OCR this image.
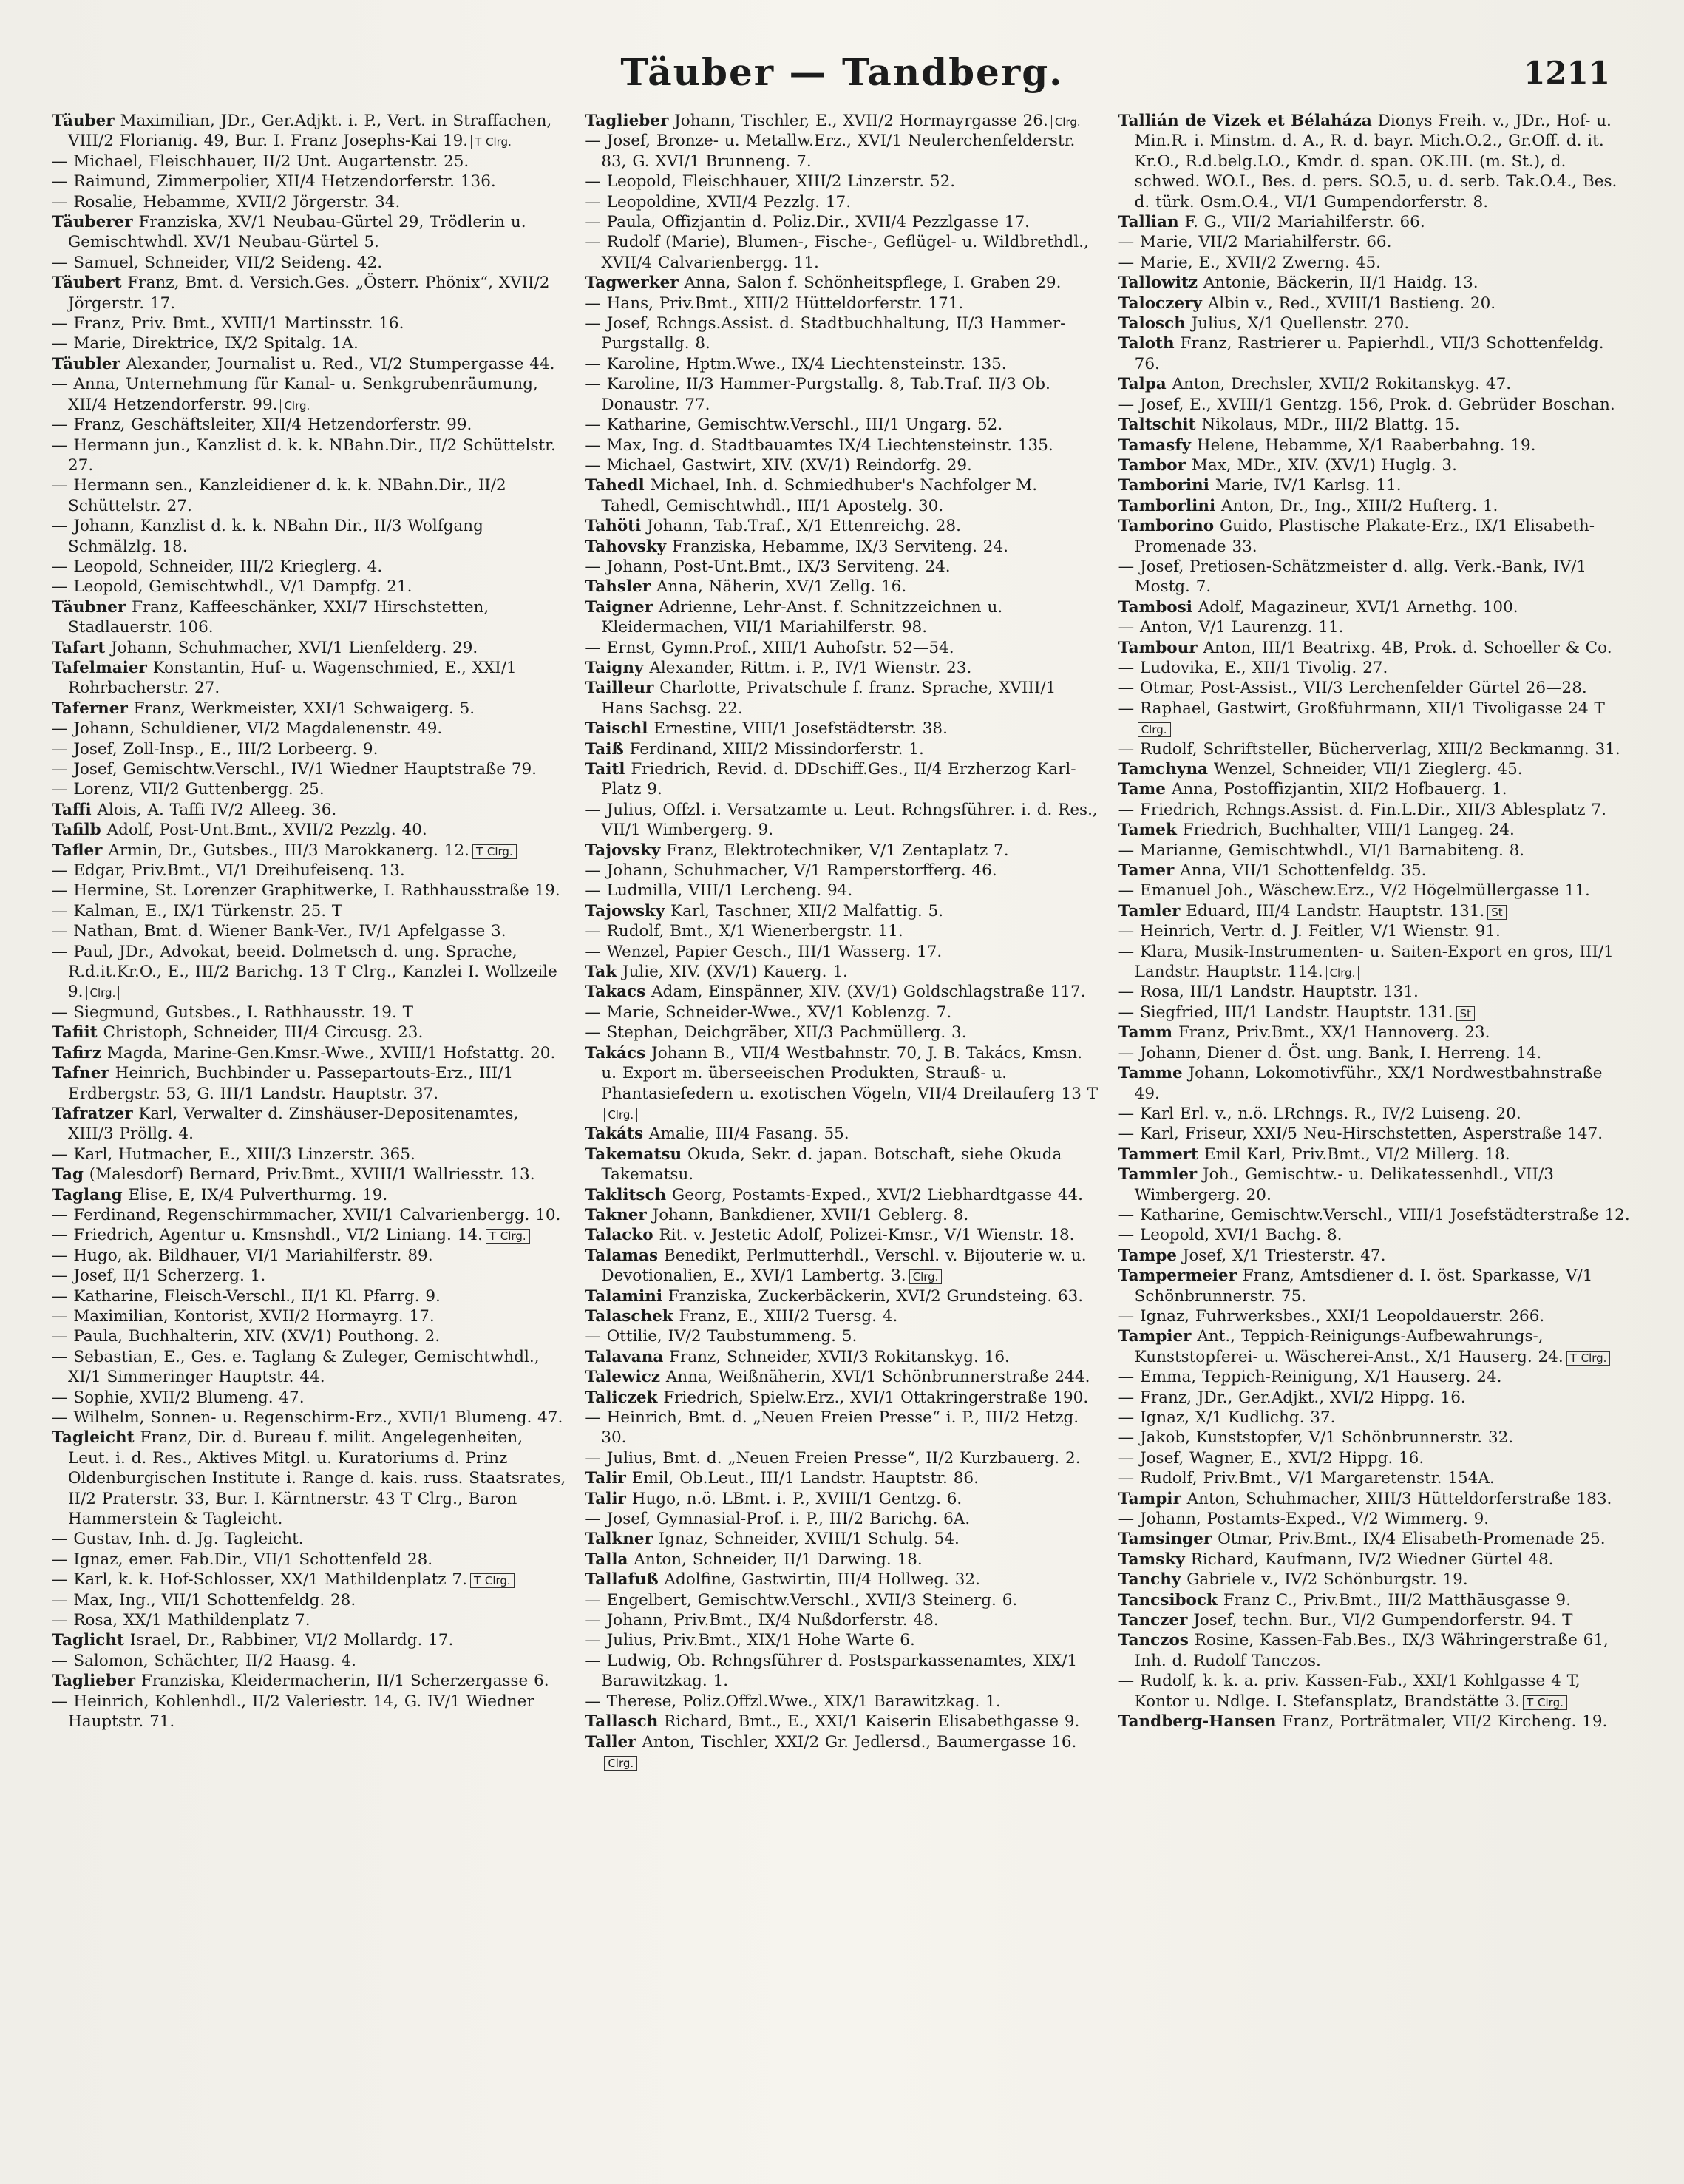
Täuber — Tandberg.	1211

Täuber Maximilian, JDr., Ger.Adjkt. i. P., Vert. in Straffachen, VIII/2 Florianig. 49, Bur. I. Franz Josephs-Kai 19. T Clrg.

— Michael, Fleischhauer, II/2 Unt. Augartenstr. 25.

— Raimund, Zimmerpolier, XII/4 Hetzendorferstr. 136.

— Rosalie, Hebamme, XVII/2 Jörgerstr. 34.

Täuberer Franziska, XV/1 Neubau-Gürtel 29, Trödlerin u. Gemischtwhdl. XV/1 Neubau-Gürtel 5.

— Samuel, Schneider, VII/2 Seideng. 42.

Täubert Franz, Bmt. d. Versich.Ges. „Österr. Phönix“, XVII/2 Jörgerstr. 17.

— Franz, Priv. Bmt., XVIII/1 Martinsstr. 16.

— Marie, Direktrice, IX/2 Spitalg. 1A.

Täubler Alexander, Journalist u. Red., VI/2 Stumpergasse 44.

— Anna, Unternehmung für Kanal- u. Senkgrubenräumung, XII/4 Hetzendorferstr. 99. Clrg.

— Franz, Geschäftsleiter, XII/4 Hetzendorferstr. 99.

— Hermann jun., Kanzlist d. k. k. NBahn.Dir., II/2 Schüttelstr. 27.

— Hermann sen., Kanzleidiener d. k. k. NBahn.Dir., II/2 Schüttelstr. 27.

— Johann, Kanzlist d. k. k. NBahn Dir., II/3 Wolfgang Schmälzlg. 18.

— Leopold, Schneider, III/2 Krieglerg. 4.

— Leopold, Gemischtwhdl., V/1 Dampfg. 21.

Täubner Franz, Kaffeeschänker, XXI/7 Hirschstetten, Stadlauerstr. 106.

Tafart Johann, Schuhmacher, XVI/1 Lienfelderg. 29.

Tafelmaier Konstantin, Huf- u. Wagenschmied, E., XXI/1 Rohrbacherstr. 27.

Taferner Franz, Werkmeister, XXI/1 Schwaigerg. 5.

— Johann, Schuldiener, VI/2 Magdalenenstr. 49.

— Josef, Zoll-Insp., E., III/2 Lorbeerg. 9.

— Josef, Gemischtw.Verschl., IV/1 Wiedner Hauptstraße 79.

— Lorenz, VII/2 Guttenbergg. 25.

Taffi Alois, A. Taffi IV/2 Alleeg. 36.

Tafilb Adolf, Post-Unt.Bmt., XVII/2 Pezzlg. 40.

Tafler Armin, Dr., Gutsbes., III/3 Marokkanerg. 12. T Clrg.

— Edgar, Priv.Bmt., VI/1 Dreihufeisenq. 13.

— Hermine, St. Lorenzer Graphitwerke, I. Rathhausstraße 19.

— Kalman, E., IX/1 Türkenstr. 25. T

— Nathan, Bmt. d. Wiener Bank-Ver., IV/1 Apfelgasse 3.

— Paul, JDr., Advokat, beeid. Dolmetsch d. ung. Sprache, R.d.it.Kr.O., E., III/2 Barichg. 13 T Clrg., Kanzlei I. Wollzeile 9. Clrg.

— Siegmund, Gutsbes., I. Rathhausstr. 19. T

Tafiit Christoph, Schneider, III/4 Circusg. 23.

Tafirz Magda, Marine-Gen.Kmsr.-Wwe., XVIII/1 Hofstattg. 20.

Tafner Heinrich, Buchbinder u. Passepartouts-Erz., III/1 Erdbergstr. 53, G. III/1 Landstr. Hauptstr. 37.

Tafratzer Karl, Verwalter d. Zinshäuser-Depositenamtes, XIII/3 Pröllg. 4.

— Karl, Hutmacher, E., XIII/3 Linzerstr. 365.

Tag (Malesdorf) Bernard, Priv.Bmt., XVIII/1 Wallriesstr. 13.

Taglang Elise, E, IX/4 Pulverthurmg. 19.

— Ferdinand, Regenschirmmacher, XVII/1 Calvarienbergg. 10.

— Friedrich, Agentur u. Kmsnshdl., VI/2 Liniang. 14. T Clrg.

— Hugo, ak. Bildhauer, VI/1 Mariahilferstr. 89.

— Josef, II/1 Scherzerg. 1.

— Katharine, Fleisch-Verschl., II/1 Kl. Pfarrg. 9.

— Maximilian, Kontorist, XVII/2 Hormayrg. 17.

— Paula, Buchhalterin, XIV. (XV/1) Pouthong. 2.

— Sebastian, E., Ges. e. Taglang & Zuleger, Gemischtwhdl., XI/1 Simmeringer Hauptstr. 44.

— Sophie, XVII/2 Blumeng. 47.

— Wilhelm, Sonnen- u. Regenschirm-Erz., XVII/1 Blumeng. 47.

Tagleicht Franz, Dir. d. Bureau f. milit. Angelegenheiten, Leut. i. d. Res., Aktives Mitgl. u. Kuratoriums d. Prinz Oldenburgischen Institute i. Range d. kais. russ. Staatsrates, II/2 Praterstr. 33, Bur. I. Kärntnerstr. 43 T Clrg., Baron Hammerstein & Tagleicht.

— Gustav, Inh. d. Jg. Tagleicht.

— Ignaz, emer. Fab.Dir., VII/1 Schottenfeld 28.

— Karl, k. k. Hof-Schlosser, XX/1 Mathildenplatz 7. T Clrg.

— Max, Ing., VII/1 Schottenfeldg. 28.

— Rosa, XX/1 Mathildenplatz 7.

Taglicht Israel, Dr., Rabbiner, VI/2 Mollardg. 17.

— Salomon, Schächter, II/2 Haasg. 4.

Taglieber Franziska, Kleidermacherin, II/1 Scherzergasse 6.

— Heinrich, Kohlenhdl., II/2 Valeriestr. 14, G. IV/1 Wiedner Hauptstr. 71.

Taglieber Johann, Tischler, E., XVII/2 Hormayrgasse 26. Clrg.

— Josef, Bronze- u. Metallw.Erz., XVI/1 Neulerchenfelderstr. 83, G. XVI/1 Brunneng. 7.

— Leopold, Fleischhauer, XIII/2 Linzerstr. 52.

— Leopoldine, XVII/4 Pezzlg. 17.

— Paula, Offizjantin d. Poliz.Dir., XVII/4 Pezzlgasse 17.

— Rudolf (Marie), Blumen-, Fische-, Geflügel- u. Wildbrethdl., XVII/4 Calvarienbergg. 11.

Tagwerker Anna, Salon f. Schönheitspflege, I. Graben 29.

— Hans, Priv.Bmt., XIII/2 Hütteldorferstr. 171.

— Josef, Rchngs.Assist. d. Stadtbuchhaltung, II/3 Hammer-Purgstallg. 8.

— Karoline, Hptm.Wwe., IX/4 Liechtensteinstr. 135.

— Karoline, II/3 Hammer-Purgstallg. 8, Tab.Traf. II/3 Ob. Donaustr. 77.

— Katharine, Gemischtw.Verschl., III/1 Ungarg. 52.

— Max, Ing. d. Stadtbauamtes IX/4 Liechtensteinstr. 135.

— Michael, Gastwirt, XIV. (XV/1) Reindorfg. 29.

Tahedl Michael, Inh. d. Schmiedhuber's Nachfolger M. Tahedl, Gemischtwhdl., III/1 Apostelg. 30.

Tahöti Johann, Tab.Traf., X/1 Ettenreichg. 28.

Tahovsky Franziska, Hebamme, IX/3 Serviteng. 24.

— Johann, Post-Unt.Bmt., IX/3 Serviteng. 24.

Tahsler Anna, Näherin, XV/1 Zellg. 16.

Taigner Adrienne, Lehr-Anst. f. Schnitzzeichnen u. Kleidermachen, VII/1 Mariahilferstr. 98.

— Ernst, Gymn.Prof., XIII/1 Auhofstr. 52—54.

Taigny Alexander, Rittm. i. P., IV/1 Wienstr. 23.

Tailleur Charlotte, Privatschule f. franz. Sprache, XVIII/1 Hans Sachsg. 22.

Taischl Ernestine, VIII/1 Josefstädterstr. 38.

Taiß Ferdinand, XIII/2 Missindorferstr. 1.

Taitl Friedrich, Revid. d. DDschiff.Ges., II/4 Erzherzog Karl-Platz 9.

— Julius, Offzl. i. Versatzamte u. Leut. Rchngsführer. i. d. Res., VII/1 Wimbergerg. 9.

Tajovsky Franz, Elektrotechniker, V/1 Zentaplatz 7.

— Johann, Schuhmacher, V/1 Ramperstorfferg. 46.

— Ludmilla, VIII/1 Lercheng. 94.

Tajowsky Karl, Taschner, XII/2 Malfattig. 5.

— Rudolf, Bmt., X/1 Wienerbergstr. 11.

— Wenzel, Papier Gesch., III/1 Wasserg. 17.

Tak Julie, XIV. (XV/1) Kauerg. 1.

Takacs Adam, Einspänner, XIV. (XV/1) Goldschlagstraße 117.

— Marie, Schneider-Wwe., XV/1 Koblenzg. 7.

— Stephan, Deichgräber, XII/3 Pachmüllerg. 3.

Takács Johann B., VII/4 Westbahnstr. 70, J. B. Takács, Kmsn. u. Export m. überseeischen Produkten, Strauß- u. Phantasiefedern u. exotischen Vögeln, VII/4 Dreilauferg 13 TClrg.

Takáts Amalie, III/4 Fasang. 55.

Takematsu Okuda, Sekr. d. japan. Botschaft, siehe Okuda Takematsu.

Taklitsch Georg, Postamts-Exped., XVI/2 Liebhardtgasse 44.

Takner Johann, Bankdiener, XVII/1 Geblerg. 8.

Talacko Rit. v. Jestetic Adolf, Polizei-Kmsr., V/1 Wienstr. 18.

Talamas Benedikt, Perlmutterhdl., Verschl. v. Bijouterie w. u. Devotionalien, E., XVI/1 Lambertg. 3. Clrg.

Talamini Franziska, Zuckerbäckerin, XVI/2 Grundsteing. 63.

Talaschek Franz, E., XIII/2 Tuersg. 4.

— Ottilie, IV/2 Taubstummeng. 5.

Talavana Franz, Schneider, XVII/3 Rokitanskyg. 16.

Talewicz Anna, Weißnäherin, XVI/1 Schönbrunnerstraße 244.

Taliczek Friedrich, Spielw.Erz., XVI/1 Ottakringerstraße 190.

— Heinrich, Bmt. d. „Neuen Freien Presse“ i. P., III/2 Hetzg. 30.

— Julius, Bmt. d. „Neuen Freien Presse“, II/2 Kurzbauerg. 2.

Talir Emil, Ob.Leut., III/1 Landstr. Hauptstr. 86.

Talir Hugo, n.ö. LBmt. i. P., XVIII/1 Gentzg. 6.

— Josef, Gymnasial-Prof. i. P., III/2 Barichg. 6A.

Talkner Ignaz, Schneider, XVIII/1 Schulg. 54.

Talla Anton, Schneider, II/1 Darwing. 18.

Tallafuß Adolfine, Gastwirtin, III/4 Hollweg. 32.

— Engelbert, Gemischtw.Verschl., XVII/3 Steinerg. 6.

— Johann, Priv.Bmt., IX/4 Nußdorferstr. 48.

— Julius, Priv.Bmt., XIX/1 Hohe Warte 6.

— Ludwig, Ob. Rchngsführer d. Postsparkassenamtes, XIX/1 Barawitzkag. 1.

— Therese, Poliz.Offzl.Wwe., XIX/1 Barawitzkag. 1.

Tallasch Richard, Bmt., E., XXI/1 Kaiserin Elisabethgasse 9.

Taller Anton, Tischler, XXI/2 Gr. Jedlersd., Baumergasse 16.Clrg.

Tallián de Vizek et Bélaháza Dionys Freih. v., JDr., Hof- u. Min.R. i. Minstm. d. A., R. d. bayr. Mich.O.2., Gr.Off. d. it. Kr.O., R.d.belg.LO., Kmdr. d. span. OK.III. (m. St.), d. schwed. WO.I., Bes. d. pers. SO.5, u. d. serb. Tak.O.4., Bes. d. türk. Osm.O.4., VI/1 Gumpendorferstr. 8.

Tallian F. G., VII/2 Mariahilferstr. 66.

— Marie, VII/2 Mariahilferstr. 66.

— Marie, E., XVII/2 Zwerng. 45.

Tallowitz Antonie, Bäckerin, II/1 Haidg. 13.

Taloczery Albin v., Red., XVIII/1 Bastieng. 20.

Talosch Julius, X/1 Quellenstr. 270.

Taloth Franz, Rastrierer u. Papierhdl., VII/3 Schottenfeldg. 76.

Talpa Anton, Drechsler, XVII/2 Rokitanskyg. 47.

— Josef, E., XVIII/1 Gentzg. 156, Prok. d. Gebrüder Boschan.

Taltschit Nikolaus, MDr., III/2 Blattg. 15.

Tamasfy Helene, Hebamme, X/1 Raaberbahng. 19.

Tambor Max, MDr., XIV. (XV/1) Huglg. 3.

Tamborini Marie, IV/1 Karlsg. 11.

Tamborlini Anton, Dr., Ing., XIII/2 Hufterg. 1.

Tamborino Guido, Plastische Plakate-Erz., IX/1 Elisabeth-Promenade 33.

— Josef, Pretiosen-Schätzmeister d. allg. Verk.-Bank, IV/1 Mostg. 7.

Tambosi Adolf, Magazineur, XVI/1 Arnethg. 100.

— Anton, V/1 Laurenzg. 11.

Tambour Anton, III/1 Beatrixg. 4B, Prok. d. Schoeller & Co.

— Ludovika, E., XII/1 Tivolig. 27.

— Otmar, Post-Assist., VII/3 Lerchenfelder Gürtel 26—28.

— Raphael, Gastwirt, Großfuhrmann, XII/1 Tivoligasse 24 TClrg.

— Rudolf, Schriftsteller, Bücherverlag, XIII/2 Beckmanng. 31.

Tamchyna Wenzel, Schneider, VII/1 Zieglerg. 45.

Tame Anna, Postoffizjantin, XII/2 Hofbauerg. 1.

— Friedrich, Rchngs.Assist. d. Fin.L.Dir., XII/3 Ablesplatz 7.

Tamek Friedrich, Buchhalter, VIII/1 Langeg. 24.

— Marianne, Gemischtwhdl., VI/1 Barnabiteng. 8.

Tamer Anna, VII/1 Schottenfeldg. 35.

— Emanuel Joh., Wäschew.Erz., V/2 Högelmüllergasse 11.

Tamler Eduard, III/4 Landstr. Hauptstr. 131. St

— Heinrich, Vertr. d. J. Feitler, V/1 Wienstr. 91.

— Klara, Musik-Instrumenten- u. Saiten-Export en gros, III/1 Landstr. Hauptstr. 114. Clrg.

— Rosa, III/1 Landstr. Hauptstr. 131.

— Siegfried, III/1 Landstr. Hauptstr. 131. St

Tamm Franz, Priv.Bmt., XX/1 Hannoverg. 23.

— Johann, Diener d. Öst. ung. Bank, I. Herreng. 14.

Tamme Johann, Lokomotivführ., XX/1 Nordwestbahnstraße 49.

— Karl Erl. v., n.ö. LRchngs. R., IV/2 Luiseng. 20.

— Karl, Friseur, XXI/5 Neu-Hirschstetten, Asperstraße 147.

Tammert Emil Karl, Priv.Bmt., VI/2 Millerg. 18.

Tammler Joh., Gemischtw.- u. Delikatessenhdl., VII/3 Wimbergerg. 20.

— Katharine, Gemischtw.Verschl., VIII/1 Josefstädterstraße 12.

— Leopold, XVI/1 Bachg. 8.

Tampe Josef, X/1 Triesterstr. 47.

Tampermeier Franz, Amtsdiener d. I. öst. Sparkasse, V/1 Schönbrunnerstr. 75.

— Ignaz, Fuhrwerksbes., XXI/1 Leopoldauerstr. 266.

Tampier Ant., Teppich-Reinigungs-Aufbewahrungs-, Kunststopferei- u. Wäscherei-Anst., X/1 Hauserg. 24. T Clrg.

— Emma, Teppich-Reinigung, X/1 Hauserg. 24.

— Franz, JDr., Ger.Adjkt., XVI/2 Hippg. 16.

— Ignaz, X/1 Kudlichg. 37.

— Jakob, Kunststopfer, V/1 Schönbrunnerstr. 32.

— Josef, Wagner, E., XVI/2 Hippg. 16.

— Rudolf, Priv.Bmt., V/1 Margaretenstr. 154A.

Tampir Anton, Schuhmacher, XIII/3 Hütteldorferstraße 183.

— Johann, Postamts-Exped., V/2 Wimmerg. 9.

Tamsinger Otmar, Priv.Bmt., IX/4 Elisabeth-Promenade 25.

Tamsky Richard, Kaufmann, IV/2 Wiedner Gürtel 48.

Tanchy Gabriele v., IV/2 Schönburgstr. 19.

Tancsibock Franz C., Priv.Bmt., III/2 Matthäusgasse 9.

Tanczer Josef, techn. Bur., VI/2 Gumpendorferstr. 94. T

Tanczos Rosine, Kassen-Fab.Bes., IX/3 Währingerstraße 61, Inh. d. Rudolf Tanczos.

— Rudolf, k. k. a. priv. Kassen-Fab., XXI/1 Kohlgasse 4 T, Kontor u. Ndlge. I. Stefansplatz, Brandstätte 3. T Clrg.

Tandberg-Hansen Franz, Porträtmaler, VII/2 Kircheng. 19.
